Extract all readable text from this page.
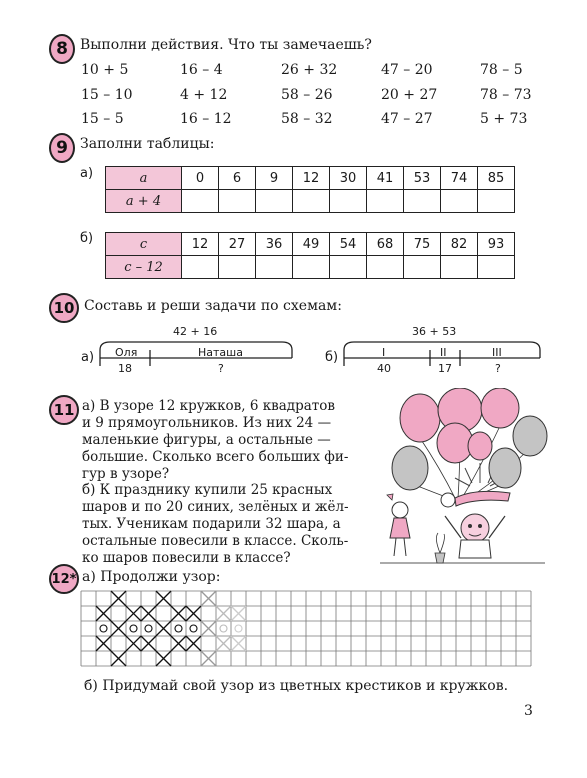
8 Выполни действия. Что ты замечаешь?
10 + 5	16 – 4	26 + 32	47 – 20	78 – 5
15 – 10	4 + 12	58 – 26	20 + 27	78 – 73
15 – 5	16 – 12	58 – 32	47 – 27	5 + 73
9 Заполни таблицы:
а)	a	0	6	9	12	30	41	53	74	85
a + 4									
б)	c	12	27	36	49	54	68	75	82	93
c – 12									
10 Составь и реши задачи по схемам:
а)
42 + 16
Оля	Наташа
18	?
б)
36 + 53
I	II	III
40	17	?
11 а) В узоре 12 кружков, 6 квадратов
и 9 прямоугольников. Из них 24 —
маленькие фигуры, а остальные —
большие. Сколько всего больших фи-
гур в узоре?
б) К празднику купили 25 красных
шаров и по 20 синих, зелёных и жёл-
тых. Ученикам подарили 32 шара, а
остальные повесили в классе. Сколь-
ко шаров повесили в классе?
12* а) Продолжи узор:
б) Придумай свой узор из цветных крестиков и кружков.
3
